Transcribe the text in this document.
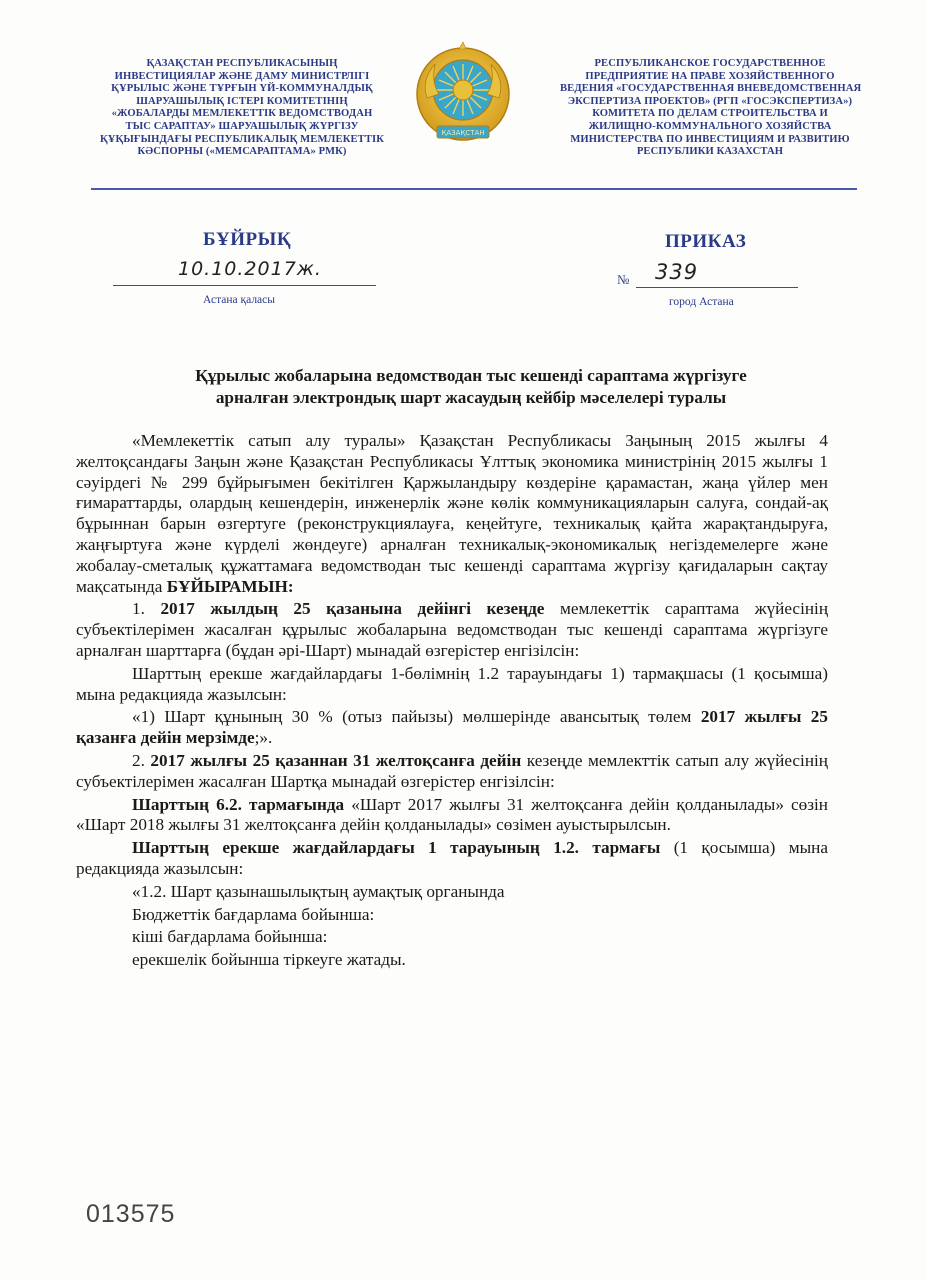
ҚАЗАҚСТАН РЕСПУБЛИКАСЫНЫҢ
ИНВЕСТИЦИЯЛАР ЖӘНЕ ДАМУ МИНИСТРЛІГІ
ҚҰРЫЛЫС ЖӘНЕ ТҰРҒЫН ҮЙ-КОММУНАЛДЫҚ
ШАРУАШЫЛЫҚ ІСТЕРІ КОМИТЕТІНІҢ
«ЖОБАЛАРДЫ МЕМЛЕКЕТТІК ВЕДОМСТВОДАН
ТЫС САРАПТАУ» ШАРУАШЫЛЫҚ ЖҮРГІЗУ
ҚҰҚЫҒЫНДАҒЫ РЕСПУБЛИКАЛЫҚ МЕМЛЕКЕТТІК
КӘСПОРНЫ («МЕМСАРАПТАМА» РМК)
ҚАЗАҚСТАН
РЕСПУБЛИКАНСКОЕ ГОСУДАРСТВЕННОЕ
ПРЕДПРИЯТИЕ НА ПРАВЕ ХОЗЯЙСТВЕННОГО
ВЕДЕНИЯ «ГОСУДАРСТВЕННАЯ ВНЕВЕДОМСТВЕННАЯ
ЭКСПЕРТИЗА ПРОЕКТОВ» (РГП «ГОСЭКСПЕРТИЗА»)
КОМИТЕТА ПО ДЕЛАМ СТРОИТЕЛЬСТВА И
ЖИЛИЩНО-КОММУНАЛЬНОГО ХОЗЯЙСТВА
МИНИСТЕРСТВА ПО ИНВЕСТИЦИЯМ И РАЗВИТИЮ
РЕСПУБЛИКИ КАЗАХСТАН
БҰЙРЫҚ	ПРИКАЗ
10.10.2017ж.	№ 339
Астана қаласы	город Астана
Құрылыс жобаларына ведомстводан тыс кешенді сараптама жүргізуге
арналған электрондық шарт жасаудың кейбір мәселелері туралы
«Мемлекеттік сатып алу туралы» Қазақстан Республикасы Заңының 2015 жылғы 4 желтоқсандағы Заңын және Қазақстан Республикасы Ұлттық экономика министрінің 2015 жылғы 1 сәуірдегі № 299 бұйрығымен бекітілген Қаржыландыру көздеріне қарамастан, жаңа үйлер мен ғимараттарды, олардың кешендерін, инженерлік және көлік коммуникацияларын салуға, сондай-ақ бұрыннан барын өзгертуге (реконструкциялауға, кеңейтуге, техникалық қайта жарақтандыруға, жаңғыртуға және күрделі жөндеуге) арналған техникалық-экономикалық негіздемелерге және жобалау-сметалық құжаттамаға ведомстводан тыс кешенді сараптама жүргізу қағидаларын сақтау мақсатында БҰЙЫРАМЫН:
1. 2017 жылдың 25 қазанына дейінгі кезеңде мемлекеттік сараптама жүйесінің субъектілерімен жасалған құрылыс жобаларына ведомстводан тыс кешенді сараптама жүргізуге арналған шарттарға (бұдан әрі-Шарт) мынадай өзгерістер енгізілсін:
Шарттың ерекше жағдайлардағы 1-бөлімнің 1.2 тарауындағы 1) тармақшасы (1 қосымша) мына редакцияда жазылсын:
«1) Шарт құнының 30 % (отыз пайызы) мөлшерінде авансытық төлем 2017 жылғы 25 қазанға дейін мерзімде;».
2. 2017 жылғы 25 қазаннан 31 желтоқсанға дейін кезеңде мемлекттік сатып алу жүйесінің субъектілерімен жасалған Шартқа мынадай өзгерістер енгізілсін:
Шарттың 6.2. тармағында «Шарт 2017 жылғы 31 желтоқсанға дейін қолданылады» сөзін «Шарт 2018 жылғы 31 желтоқсанға дейін қолданылады» сөзімен ауыстырылсын.
Шарттың ерекше жағдайлардағы 1 тарауының 1.2. тармағы (1 қосымша) мына редакцияда жазылсын:
«1.2. Шарт қазынашылықтың аумақтық органында
Бюджеттік бағдарлама бойынша:
кіші бағдарлама бойынша:
ерекшелік бойынша тіркеуге жатады.
013575
